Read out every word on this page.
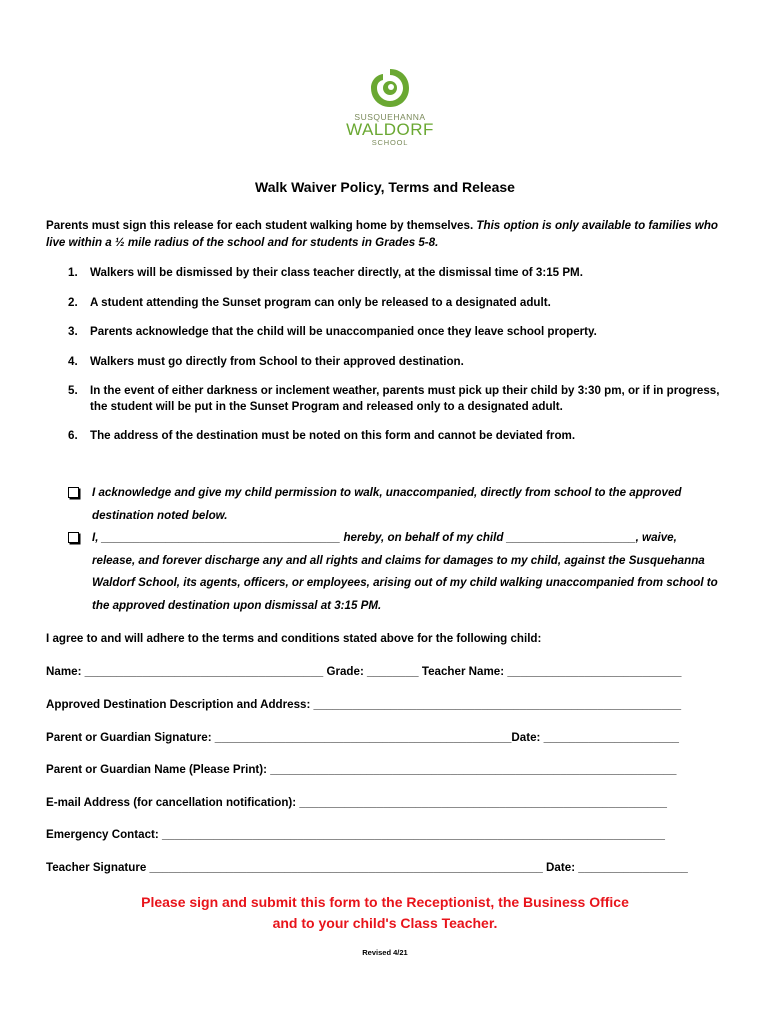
SUSQUEHANNA
WALDORF
SCHOOL
Walk Waiver Policy, Terms and Release
Parents must sign this release for each student walking home by themselves. This option is only available to families who live within a ½ mile radius of the school and for students in Grades 5-8.
1.	Walkers will be dismissed by their class teacher directly, at the dismissal time of 3:15 PM.
2.	A student attending the Sunset program can only be released to a designated adult.
3.	Parents acknowledge that the child will be unaccompanied once they leave school property.
4.	Walkers must go directly from School to their approved destination.
5.	In the event of either darkness or inclement weather, parents must pick up their child by 3:30 pm, or if in progress, the student will be put in the Sunset Program and released only to a designated adult.
6.	The address of the destination must be noted on this form and cannot be deviated from.
I acknowledge and give my child permission to walk, unaccompanied, directly from school to the approved destination noted below.
I, _____________________________________ hereby, on behalf of my child ____________________, waive, release, and forever discharge any and all rights and claims for damages to my child, against the Susquehanna Waldorf School, its agents, officers, or employees, arising out of my child walking unaccompanied from school to the approved destination upon dismissal at 3:15 PM.
I agree to and will adhere to the terms and conditions stated above for the following child:
Name: _____________________________________ Grade: ________ Teacher Name: ___________________________
Approved Destination Description and Address: _________________________________________________________
Parent or Guardian Signature: ______________________________________________Date: _____________________
Parent or Guardian Name (Please Print): _______________________________________________________________
E-mail Address (for cancellation notification): _________________________________________________________
Emergency Contact: ______________________________________________________________________________
Teacher Signature _____________________________________________________________ Date: _________________
Please sign and submit this form to the Receptionist, the Business Office
and to your child's Class Teacher.
Revised 4/21
